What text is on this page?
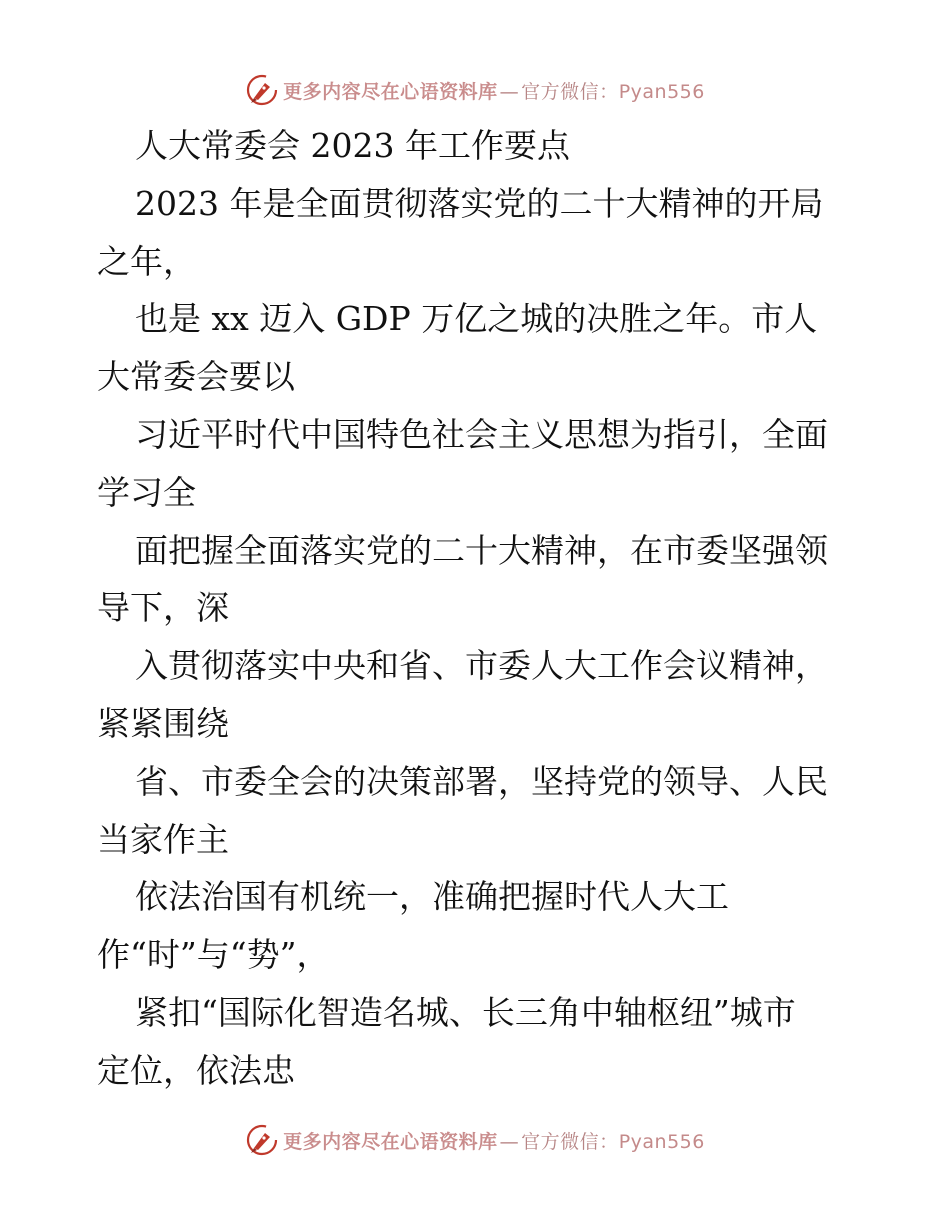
更多内容尽在心语资料库 — 官方微信：Pyan556
人大常委会 2023 年工作要点
2023 年是全面贯彻落实党的二十大精神的开局
之年，
也是 xx 迈入 GDP 万亿之城的决胜之年。市人
大常委会要以
习近平时代中国特色社会主义思想为指引，全面
学习全
面把握全面落实党的二十大精神，在市委坚强领
导下，深
入贯彻落实中央和省、市委人大工作会议精神，
紧紧围绕
省、市委全会的决策部署，坚持党的领导、人民
当家作主
依法治国有机统一，准确把握时代人大工
作“时”与“势”，
紧扣“国际化智造名城、长三角中轴枢纽”城市
定位，依法忠
更多内容尽在心语资料库 — 官方微信：Pyan556
